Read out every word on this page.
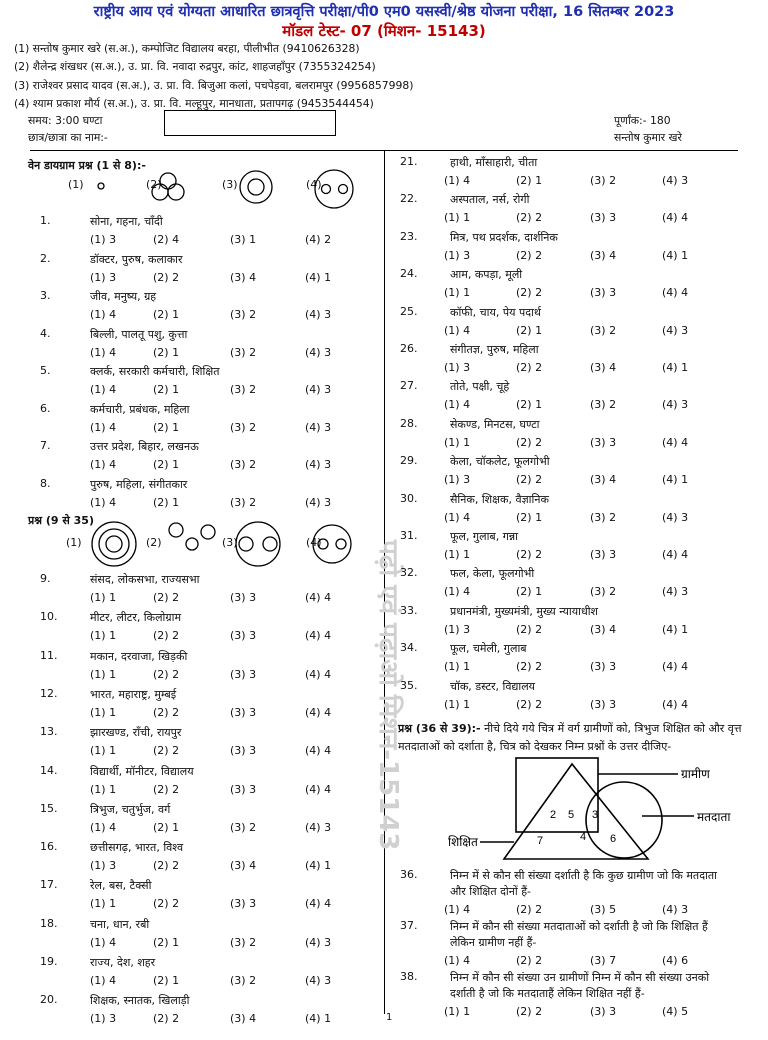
राष्ट्रीय आय एवं योग्यता आधारित छात्रवृत्ति परीक्षा/पी0 एम0 यसस्वी/श्रेष्ठ योजना परीक्षा, 16 सितम्बर 2023
मॉडल टेस्ट- 07 (मिशन- 15143)
(1) सन्तोष कुमार खरे (स.अ.), कम्पोजिट विद्यालय बरहा, पीलीभीत (9410626328)
(2) शैलेन्द्र शंखधर (स.अ.), उ. प्रा. वि. नवादा रुद्रपुर, कांट, शाहजहाँपुर (7355324254)
(3) राजेश्वर प्रसाद यादव (स.अ.), उ. प्रा. वि. बिजुआ कलां, पचपेड़वा, बलरामपुर (9956857998)
(4) श्याम प्रकाश मौर्य (स.अ.), उ. प्रा. वि. मल्हूपुर, मानधाता, प्रतापगढ़ (9453544454)
समय: 3:00 घण्टा
छात्र/छात्रा का नाम:-
पूर्णांक:- 180
सन्तोष कुमार खरे
पढ़ो एवं पढ़ाओ मिशन-15143
वेन डायग्राम प्रश्न (1 से 8):-
(1)	(2)	(3)	(4)
प्रश्न (9 से 35)
(1)	(2)	(3)	(4)
1.	सोना, गहना, चाँदी
(1) 3	(2) 4	(3) 1	(4) 2
2.	डॉक्टर, पुरुष, कलाकार
(1) 3	(2) 2	(3) 4	(4) 1
3.	जीव, मनुष्य, ग्रह
(1) 4	(2) 1	(3) 2	(4) 3
4.	बिल्ली, पालतू पशु, कुत्ता
(1) 4	(2) 1	(3) 2	(4) 3
5.	क्लर्क, सरकारी कर्मचारी, शिक्षित
(1) 4	(2) 1	(3) 2	(4) 3
6.	कर्मचारी, प्रबंधक, महिला
(1) 4	(2) 1	(3) 2	(4) 3
7.	उत्तर प्रदेश, बिहार, लखनऊ
(1) 4	(2) 1	(3) 2	(4) 3
8.	पुरुष, महिला, संगीतकार
(1) 4	(2) 1	(3) 2	(4) 3
9.	संसद, लोकसभा, राज्यसभा
(1) 1	(2) 2	(3) 3	(4) 4
10.	मीटर, लीटर, किलोग्राम
(1) 1	(2) 2	(3) 3	(4) 4
11.	मकान, दरवाजा, खिड़की
(1) 1	(2) 2	(3) 3	(4) 4
12.	भारत, महाराष्ट्र, मुम्बई
(1) 1	(2) 2	(3) 3	(4) 4
13.	झारखण्ड, राँची, रायपुर
(1) 1	(2) 2	(3) 3	(4) 4
14.	विद्यार्थी, मॉनीटर, विद्यालय
(1) 1	(2) 2	(3) 3	(4) 4
15.	त्रिभुज, चतुर्भुज, वर्ग
(1) 4	(2) 1	(3) 2	(4) 3
16.	छत्तीसगढ़, भारत, विश्व
(1) 3	(2) 2	(3) 4	(4) 1
17.	रेल, बस, टैक्सी
(1) 1	(2) 2	(3) 3	(4) 4
18.	चना, धान, रबी
(1) 4	(2) 1	(3) 2	(4) 3
19.	राज्य, देश, शहर
(1) 4	(2) 1	(3) 2	(4) 3
20.	शिक्षक, स्नातक, खिलाड़ी
(1) 3	(2) 2	(3) 4	(4) 1
प्रश्न (36 से 39):- नीचे दिये गये चित्र में वर्ग ग्रामीणों को, त्रिभुज शिक्षित को और वृत्त मतदाताओं को दर्शाता है, चित्र को देखकर निम्न प्रश्नों के उत्तर दीजिए-
2 5 3
7	4 6
ग्रामीण
मतदाता
शिक्षित
21.	हाथी, माँसाहारी, चीता
(1) 4	(2) 1	(3) 2	(4) 3
22.	अस्पताल, नर्स, रोगी
(1) 1	(2) 2	(3) 3	(4) 4
23.	मित्र, पथ प्रदर्शक, दार्शनिक
(1) 3	(2) 2	(3) 4	(4) 1
24.	आम, कपड़ा, मूली
(1) 1	(2) 2	(3) 3	(4) 4
25.	कॉफी, चाय, पेय पदार्थ
(1) 4	(2) 1	(3) 2	(4) 3
26.	संगीतज्ञ, पुरुष, महिला
(1) 3	(2) 2	(3) 4	(4) 1
27.	तोते, पक्षी, चूहे
(1) 4	(2) 1	(3) 2	(4) 3
28.	सेकण्ड, मिनटस, घण्टा
(1) 1	(2) 2	(3) 3	(4) 4
29.	केला, चॉकलेट, फूलगोभी
(1) 3	(2) 2	(3) 4	(4) 1
30.	सैनिक, शिक्षक, वैज्ञानिक
(1) 4	(2) 1	(3) 2	(4) 3
31.	फूल, गुलाब, गन्ना
(1) 1	(2) 2	(3) 3	(4) 4
32.	फल, केला, फूलगोभी
(1) 4	(2) 1	(3) 2	(4) 3
33.	प्रधानमंत्री, मुख्यमंत्री, मुख्य न्यायाधीश
(1) 3	(2) 2	(3) 4	(4) 1
34.	फूल, चमेली, गुलाब
(1) 1	(2) 2	(3) 3	(4) 4
35.	चॉक, डस्टर, विद्यालय
(1) 1	(2) 2	(3) 3	(4) 4
36.	निम्न में से कौन सी संख्या दर्शाती है कि कुछ ग्रामीण जो कि मतदाता
और शिक्षित दोनों हैं-
(1) 4	(2) 2	(3) 5	(4) 3
37.	निम्न में कौन सी संख्या मतदाताओं को दर्शाती है जो कि शिक्षित हैं
लेकिन ग्रामीण नहीं हैं-
(1) 4	(2) 2	(3) 7	(4) 6
38.	निम्न में कौन सी संख्या उन ग्रामीणों निम्न में कौन सी संख्या उनको
दर्शाती है जो कि मतदाताहैं लेकिन शिक्षित नहीं हैं-
(1) 1	(2) 2	(3) 3	(4) 5
1
